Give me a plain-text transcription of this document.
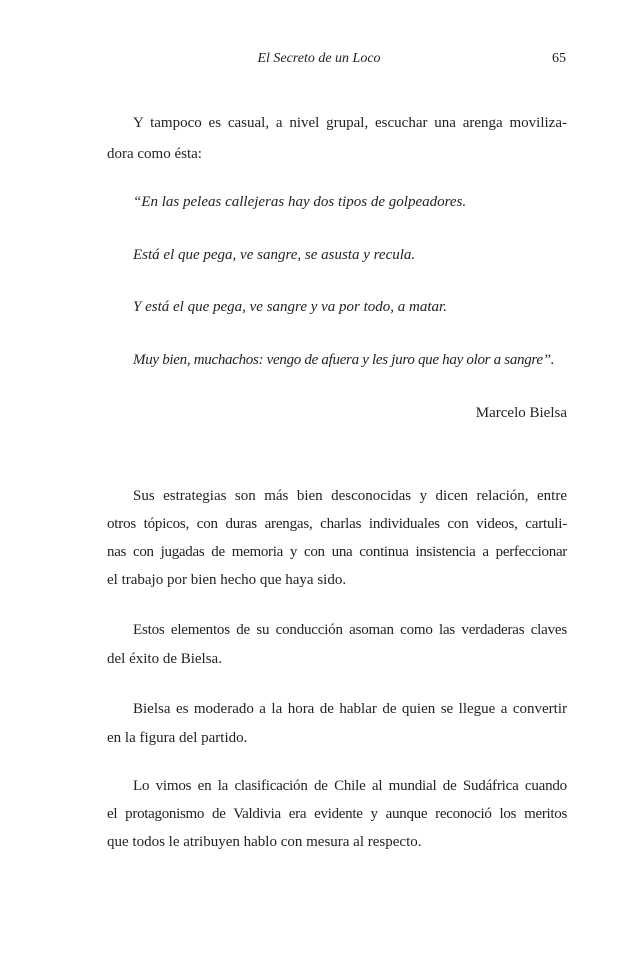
El Secreto de un Loco	65
Y tampoco es casual, a nivel grupal, escuchar una arenga moviliza-
dora como ésta:
“En las peleas callejeras hay dos tipos de golpeadores.
Está el que pega, ve sangre, se asusta y recula.
Y está el que pega, ve sangre y va por todo, a matar.
Muy bien, muchachos: vengo de afuera y les juro que hay olor a sangre”.
Marcelo Bielsa
Sus estrategias son más bien desconocidas y dicen relación, entre
otros tópicos, con duras arengas, charlas individuales con videos, cartuli-
nas con jugadas de memoria y con una continua insistencia a perfeccionar
el trabajo por bien hecho que haya sido.
Estos elementos de su conducción asoman como las verdaderas claves
del éxito de Bielsa.
Bielsa es moderado a la hora de hablar de quien se llegue a convertir
en la figura del partido.
Lo vimos en la clasificación de Chile al mundial de Sudáfrica cuando
el protagonismo de Valdivia era evidente y aunque reconoció los meritos
que todos le atribuyen hablo con mesura al respecto.
